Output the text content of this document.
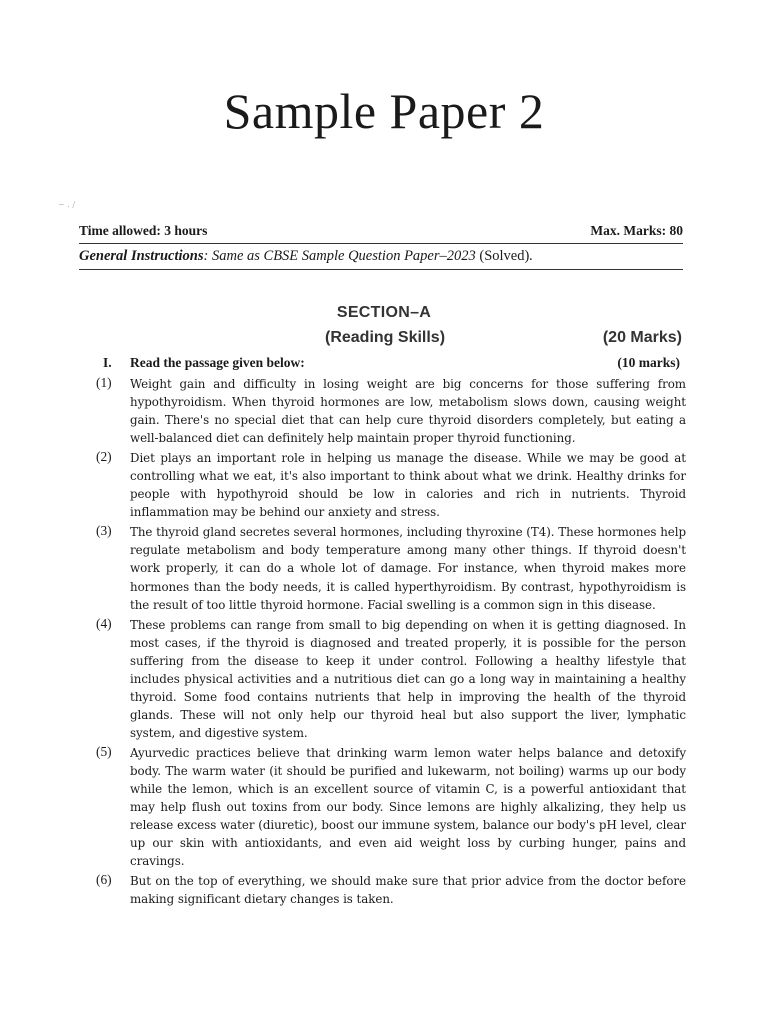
Sample Paper 2
~ . /
Time allowed: 3 hours	Max. Marks: 80
General Instructions: Same as CBSE Sample Question Paper–2023 (Solved).
SECTION–A
(Reading Skills)	(20 Marks)
I. Read the passage given below:	(10 marks)
(1) Weight gain and difficulty in losing weight are big concerns for those suffering from hypothyroidism. When thyroid hormones are low, metabolism slows down, causing weight gain. There's no special diet that can help cure thyroid disorders completely, but eating a well-balanced diet can definitely help maintain proper thyroid functioning.
(2) Diet plays an important role in helping us manage the disease. While we may be good at controlling what we eat, it's also important to think about what we drink. Healthy drinks for people with hypothyroid should be low in calories and rich in nutrients. Thyroid inflammation may be behind our anxiety and stress.
(3) The thyroid gland secretes several hormones, including thyroxine (T4). These hormones help regulate metabolism and body temperature among many other things. If thyroid doesn't work properly, it can do a whole lot of damage. For instance, when thyroid makes more hormones than the body needs, it is called hyperthyroidism. By contrast, hypothyroidism is the result of too little thyroid hormone. Facial swelling is a common sign in this disease.
(4) These problems can range from small to big depending on when it is getting diagnosed. In most cases, if the thyroid is diagnosed and treated properly, it is possible for the person suffering from the disease to keep it under control. Following a healthy lifestyle that includes physical activities and a nutritious diet can go a long way in maintaining a healthy thyroid. Some food contains nutrients that help in improving the health of the thyroid glands. These will not only help our thyroid heal but also support the liver, lymphatic system, and digestive system.
(5) Ayurvedic practices believe that drinking warm lemon water helps balance and detoxify body. The warm water (it should be purified and lukewarm, not boiling) warms up our body while the lemon, which is an excellent source of vitamin C, is a powerful antioxidant that may help flush out toxins from our body. Since lemons are highly alkalizing, they help us release excess water (diuretic), boost our immune system, balance our body's pH level, clear up our skin with antioxidants, and even aid weight loss by curbing hunger, pains and cravings.
(6) But on the top of everything, we should make sure that prior advice from the doctor before making significant dietary changes is taken.
